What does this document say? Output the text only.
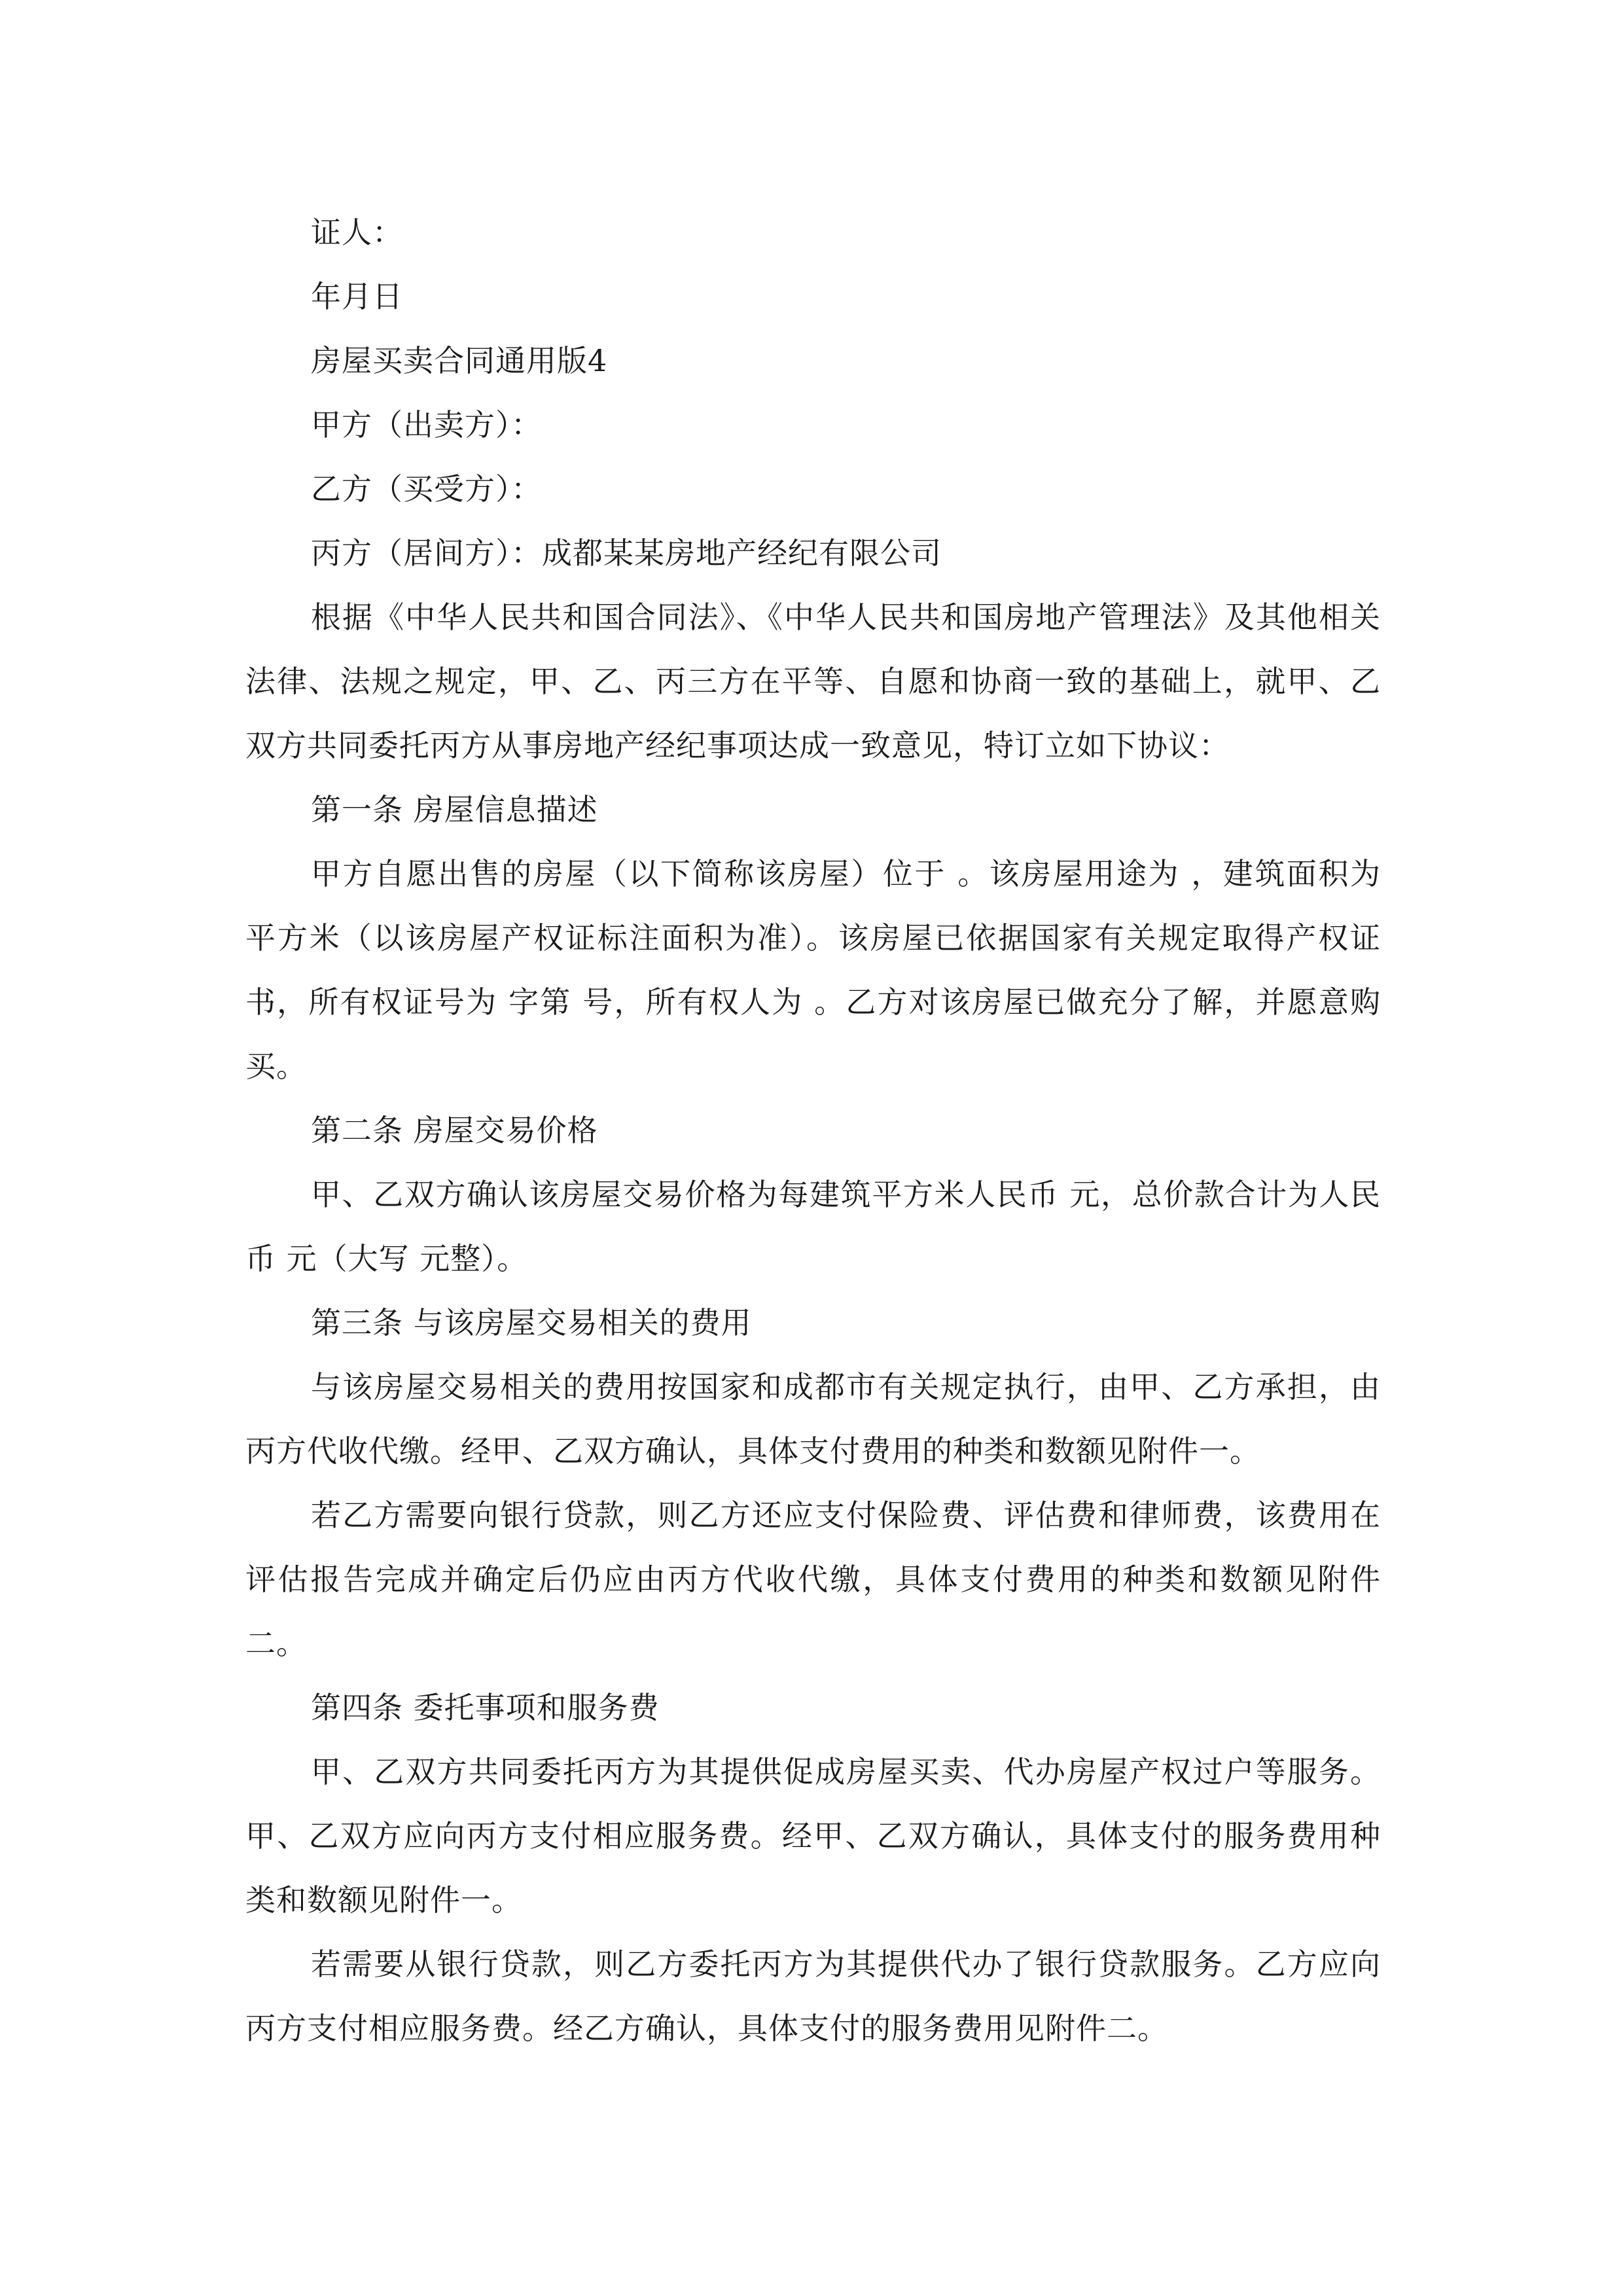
证人：

年月日

房屋买卖合同通用版4

甲方（出卖方）：

乙方（买受方）：

丙方（居间方）：成都某某房地产经纪有限公司

根据《中华人民共和国合同法》、《中华人民共和国房地产管理法》及其他相关法律、法规之规定，甲、乙、丙三方在平等、自愿和协商一致的基础上，就甲、乙双方共同委托丙方从事房地产经纪事项达成一致意见，特订立如下协议：

第一条 房屋信息描述

甲方自愿出售的房屋（以下简称该房屋）位于 。该房屋用途为 ，建筑面积为 平方米（以该房屋产权证标注面积为准）。该房屋已依据国家有关规定取得产权证书，所有权证号为 字第 号，所有权人为 。乙方对该房屋已做充分了解，并愿意购买。

第二条 房屋交易价格

甲、乙双方确认该房屋交易价格为每建筑平方米人民币 元，总价款合计为人民币 元（大写 元整）。

第三条 与该房屋交易相关的费用

与该房屋交易相关的费用按国家和成都市有关规定执行，由甲、乙方承担，由丙方代收代缴。经甲、乙双方确认，具体支付费用的种类和数额见附件一。

若乙方需要向银行贷款，则乙方还应支付保险费、评估费和律师费，该费用在评估报告完成并确定后仍应由丙方代收代缴，具体支付费用的种类和数额见附件二。

第四条 委托事项和服务费

甲、乙双方共同委托丙方为其提供促成房屋买卖、代办房屋产权过户等服务。甲、乙双方应向丙方支付相应服务费。经甲、乙双方确认，具体支付的服务费用种类和数额见附件一。

若需要从银行贷款，则乙方委托丙方为其提供代办了银行贷款服务。乙方应向丙方支付相应服务费。经乙方确认，具体支付的服务费用见附件二。
